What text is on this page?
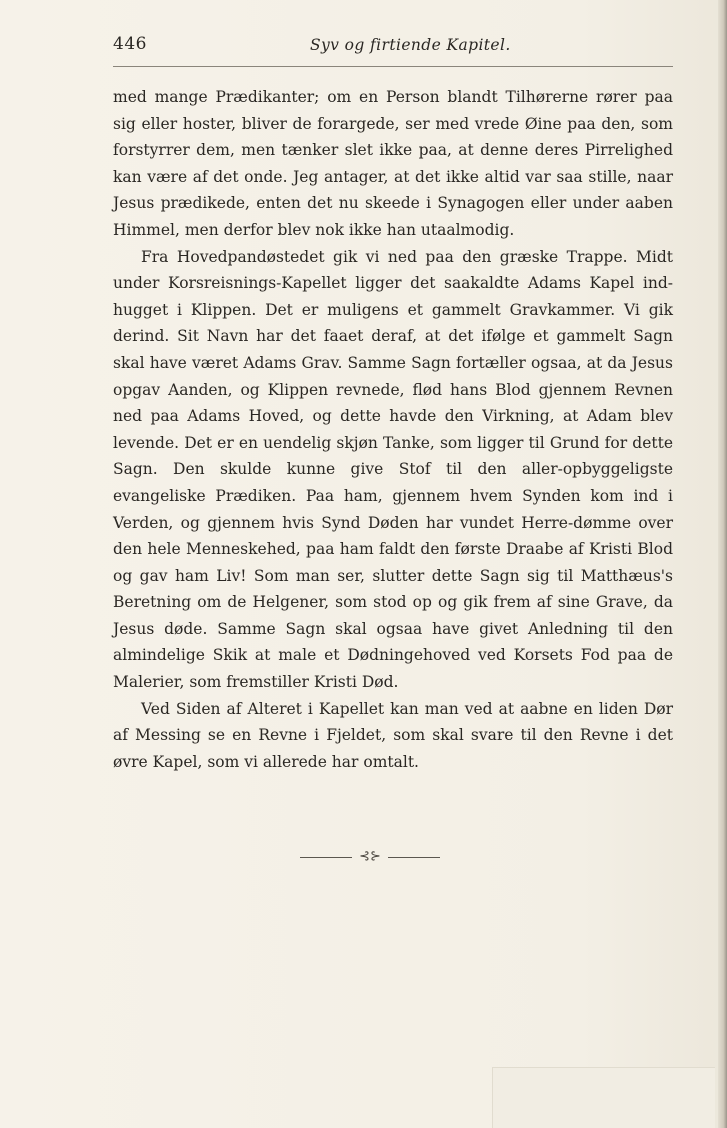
446	Syv og firtiende Kapitel.

med mange Prædikanter; om en Person blandt Tilhørerne rører paa sig eller hoster, bliver de forargede, ser med vrede Øine paa den, som forstyrrer dem, men tænker slet ikke paa, at denne deres Pirrelighed kan være af det onde. Jeg antager, at det ikke altid var saa stille, naar Jesus prædikede, enten det nu skeede i Synagogen eller under aaben Himmel, men derfor blev nok ikke han utaalmodig.

Fra Hovedpandøstedet gik vi ned paa den græske Trappe. Midt under Korsreisnings-Kapellet ligger det saakaldte Adams Kapel ind-hugget i Klippen. Det er muligens et gammelt Gravkammer. Vi gik derind. Sit Navn har det faaet deraf, at det ifølge et gammelt Sagn skal have været Adams Grav. Samme Sagn fortæller ogsaa, at da Jesus opgav Aanden, og Klippen revnede, flød hans Blod gjennem Revnen ned paa Adams Hoved, og dette havde den Virkning, at Adam blev levende. Det er en uendelig skjøn Tanke, som ligger til Grund for dette Sagn. Den skulde kunne give Stof til den aller-opbyggeligste evangeliske Prædiken. Paa ham, gjennem hvem Synden kom ind i Verden, og gjennem hvis Synd Døden har vundet Herre-dømme over den hele Menneskehed, paa ham faldt den første Draabe af Kristi Blod og gav ham Liv! Som man ser, slutter dette Sagn sig til Matthæus's Beretning om de Helgener, som stod op og gik frem af sine Grave, da Jesus døde. Samme Sagn skal ogsaa have givet Anledning til den almindelige Skik at male et Dødningehoved ved Korsets Fod paa de Malerier, som fremstiller Kristi Død.

Ved Siden af Alteret i Kapellet kan man ved at aabne en liden Dør af Messing se en Revne i Fjeldet, som skal svare til den Revne i det øvre Kapel, som vi allerede har omtalt.

⊰⊱
